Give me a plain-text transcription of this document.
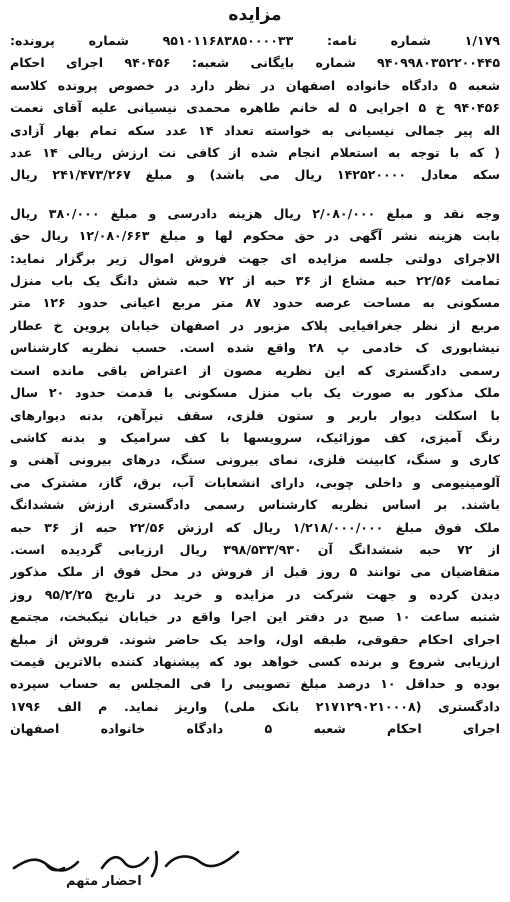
مزایده

۱/۱۷۹ شماره نامه: ۹۵۱۰۱۱۶۸۳۸۵۰۰۰۰۳۳ شماره پرونده:
۹۴۰۹۹۸۰۳۵۲۲۰۰۴۴۵ شماره بایگانی شعبه: ۹۴۰۴۵۶ اجرای احکام
شعبه ۵ دادگاه خانواده اصفهان در نظر دارد در خصوص پرونده کلاسه
۹۴۰۴۵۶ خ ۵ اجرایی ۵ له خانم طاهره محمدی نیسیانی علیه آقای نعمت
اله پیر جمالی نیسیانی به خواسته تعداد ۱۴ عدد سکه تمام بهار آزادی
( که با توجه به استعلام انجام شده از کافی نت ارزش ریالی ۱۴ عدد
سکه معادل ۱۴۲۵۲۰۰۰۰ ریال می باشد) و مبلغ ۲۴۱/۴۷۳/۲۶۷ ریال

وجه نقد و مبلغ ۲/۰۸۰/۰۰۰ ریال هزینه دادرسی و مبلغ ۳۸۰/۰۰۰ ریال
بابت هزینه نشر آگهی در حق محکوم لها و مبلغ ۱۲/۰۸۰/۶۶۳ ریال حق
الاجرای دولتی جلسه مزایده ای جهت فروش اموال زیر برگزار نماید:
تمامت ۲۲/۵۶ حبه مشاع از ۳۶ حبه از ۷۲ حبه شش دانگ یک باب منزل
مسکونی به مساحت عرصه حدود ۸۷ متر مربع اعیانی حدود ۱۲۶ متر
مربع از نظر جغرافیایی پلاک مزبور در اصفهان خیابان پروین خ عطار
نیشابوری ک خادمی پ ۲۸ واقع شده است. حسب نظریه کارشناس
رسمی دادگستری که این نظریه مصون از اعتراض باقی مانده است
ملک مذکور به صورت یک باب منزل مسکونی با قدمت حدود ۲۰ سال
با اسکلت دیوار باربر و ستون فلزی، سقف تیرآهن، بدنه دیوارهای
رنگ آمیزی، کف موزائیک، سرویسها با کف سرامیک و بدنه کاشی
کاری و سنگ، کابینت فلزی، نمای بیرونی سنگ، درهای بیرونی آهنی و
آلومینیومی و داخلی چوبی، دارای انشعابات آب، برق، گاز، مشترک می
باشند. بر اساس نظریه کارشناس رسمی دادگستری ارزش ششدانگ
ملک فوق مبلغ ۱/۲۱۸/۰۰۰/۰۰۰ ریال که ارزش ۲۲/۵۶ حبه از ۳۶ حبه
از ۷۲ حبه ششدانگ آن ۳۹۸/۵۳۳/۹۳۰ ریال ارزیابی گردیده است.
متقاضیان می توانند ۵ روز قبل از فروش در محل فوق از ملک مذکور
دیدن کرده و جهت شرکت در مزایده و خرید در تاریخ ۹۵/۲/۲۵ روز
شنبه ساعت ۱۰ صبح در دفتر این اجرا واقع در خیابان نیکبخت، مجتمع
اجرای احکام حقوقی، طبقه اول، واحد یک حاضر شوند. فروش از مبلغ
ارزیابی شروع و برنده کسی خواهد بود که پیشنهاد کننده بالاترین قیمت
بوده و حداقل ۱۰ درصد مبلغ تصویبی را فی المجلس به حساب سپرده
دادگستری (۲۱۷۱۲۹۰۲۱۰۰۰۸ بانک ملی) واریز نماید. م الف ۱۷۹۶
اجرای احکام شعبه ۵ دادگاه خانواده اصفهان

احضار متهم
